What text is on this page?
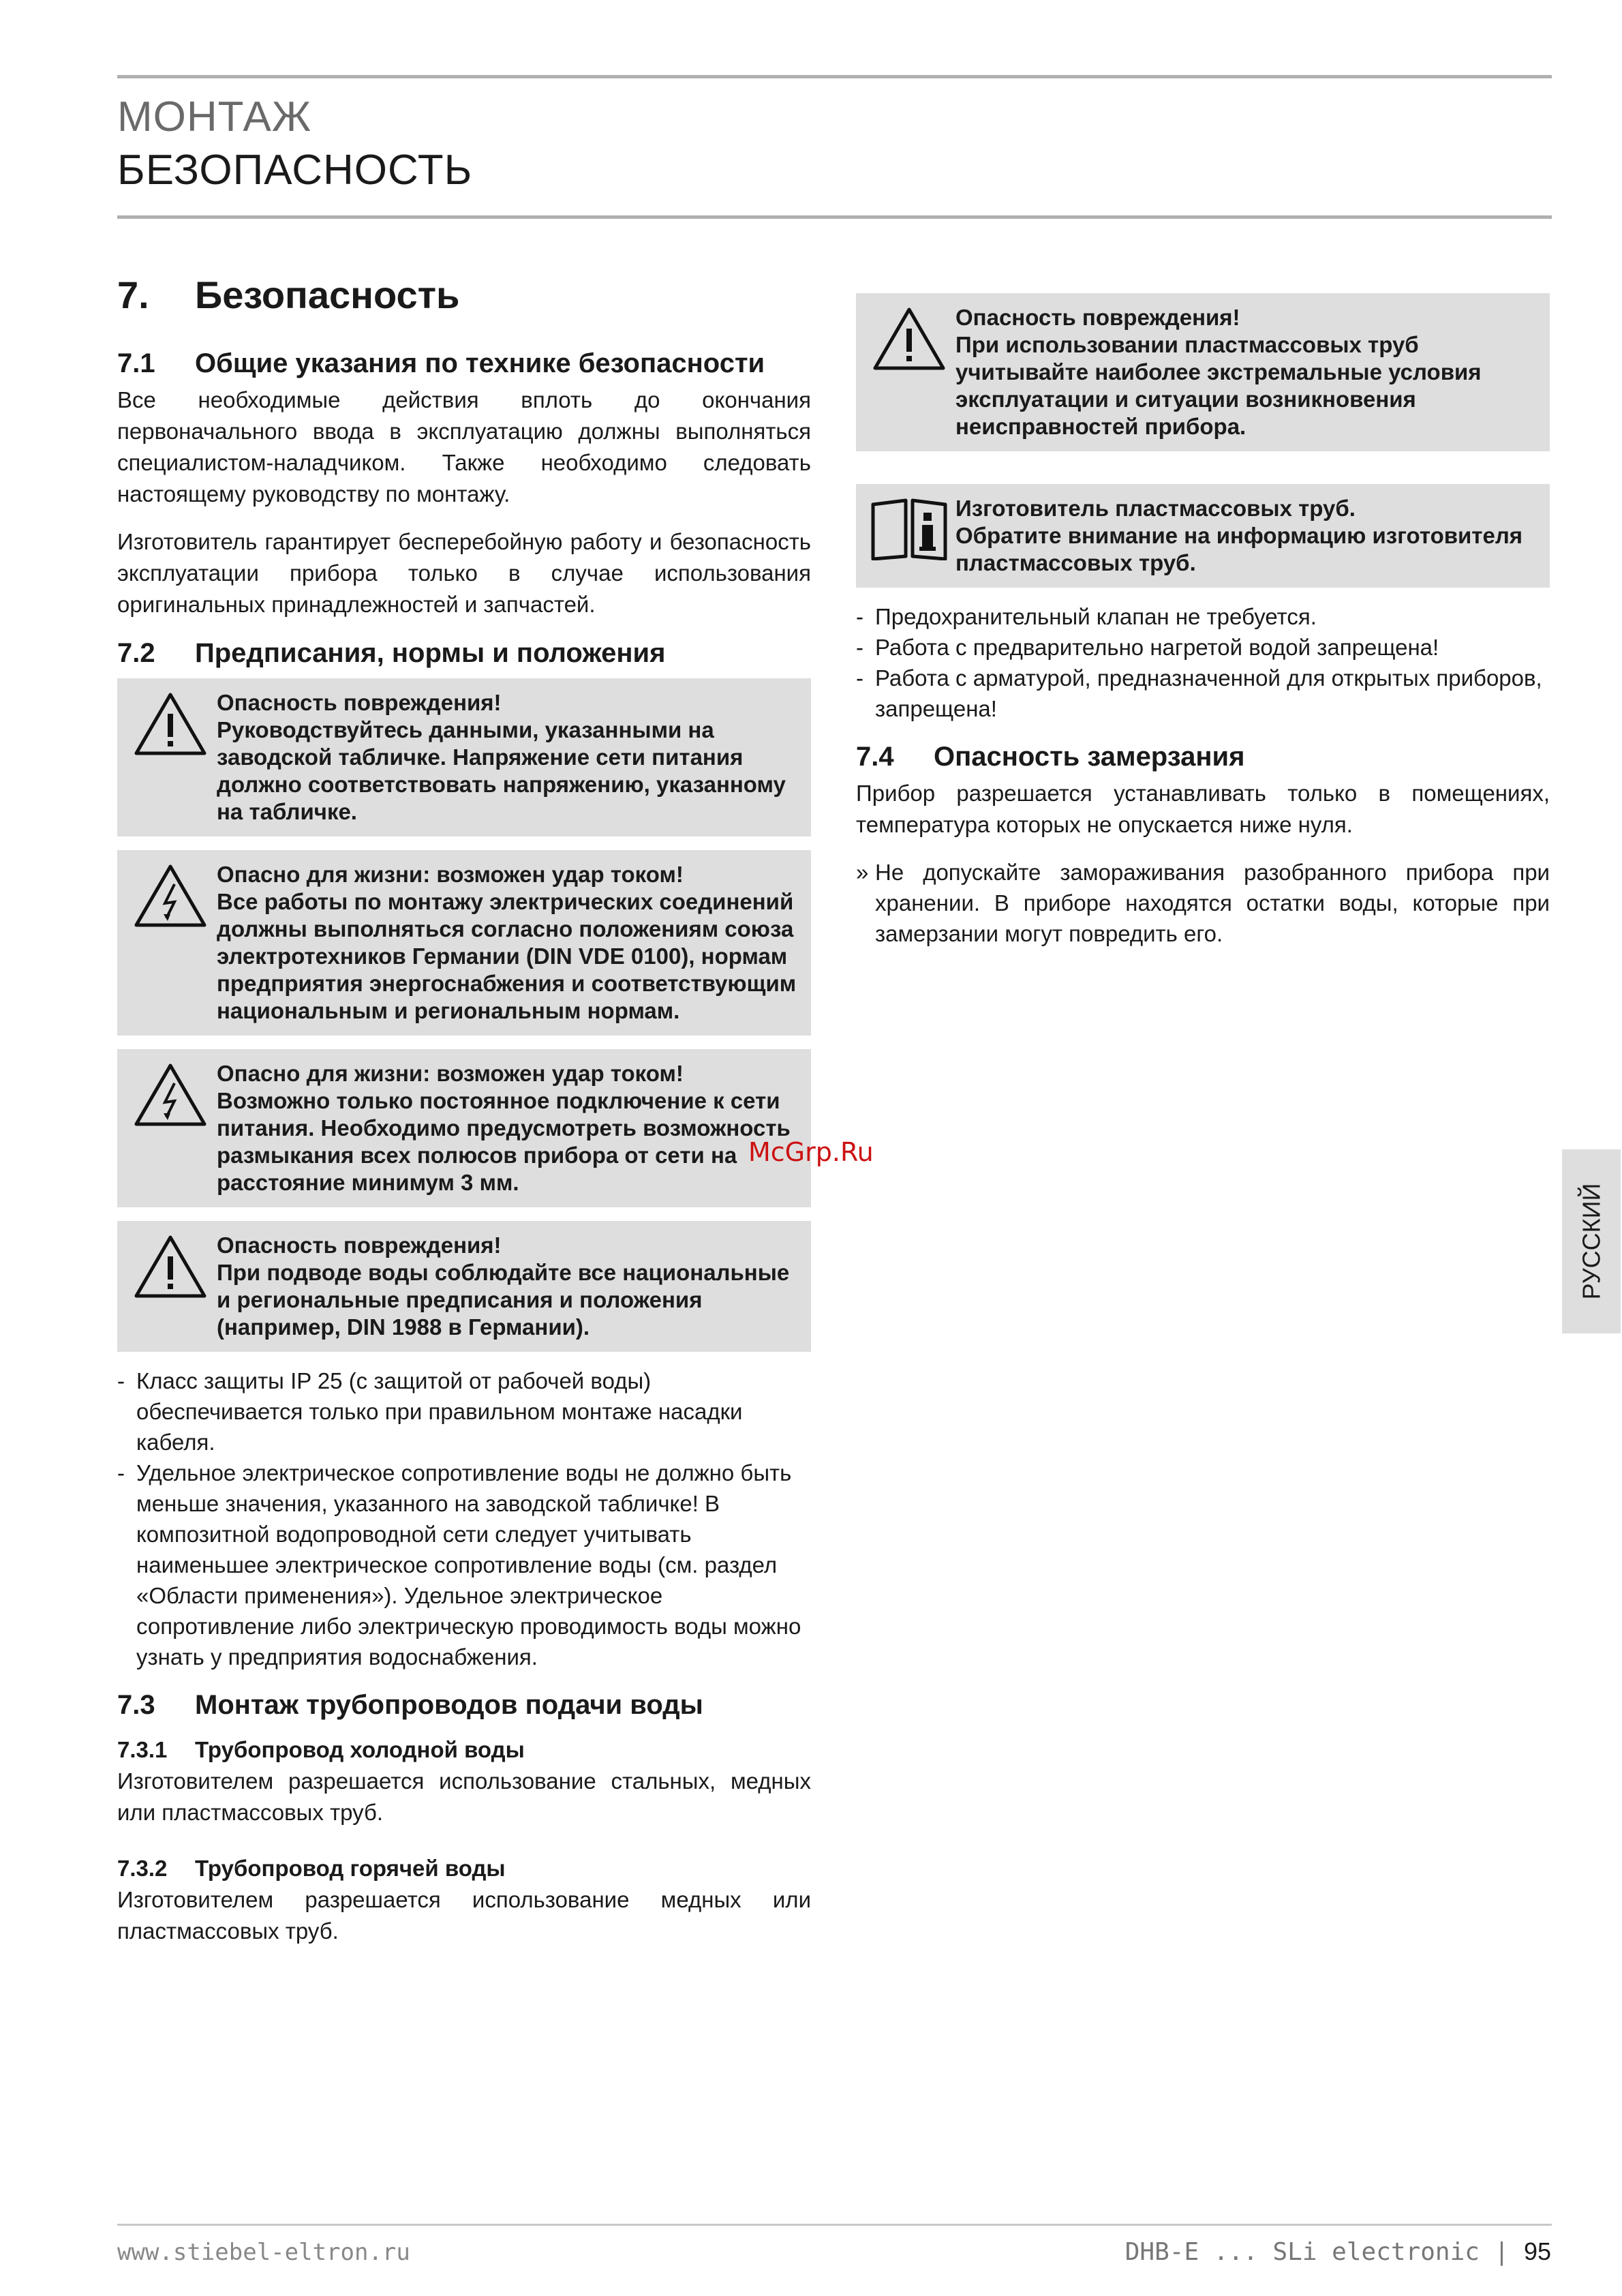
МОНТАЖ
БЕЗОПАСНОСТЬ
7.	Безопасность
7.1	Общие указания по технике безопасности

Все необходимые действия вплоть до окончания первоначального ввода в эксплуатацию должны выполняться специалистом-наладчиком. Также необходимо следовать настоящему руководству по монтажу.

Изготовитель гарантирует бесперебойную работу и безопасность эксплуатации прибора только в случае использования оригинальных принадлежностей и запчастей.

7.2	Предписания, нормы и положения
Опасность повреждения!
Руководствуйтесь данными, указанными на заводской табличке. Напряжение сети питания должно соответствовать напряжению, указанному на табличке.
Опасно для жизни: возможен удар током!
Все работы по монтажу электрических соединений должны выполняться согласно положениям союза электротехников Германии (DIN VDE 0100), нормам предприятия энергоснабжения и соответствующим национальным и региональным нормам.
Опасно для жизни: возможен удар током!
Возможно только постоянное подключение к сети питания. Необходимо предусмотреть возможность размыкания всех полюсов прибора от сети на расстояние минимум 3 мм.
Опасность повреждения!
При подводе воды соблюдайте все национальные и региональные предписания и положения (например, DIN 1988 в Германии).
- Класс защиты IP 25 (с защитой от рабочей воды) обеспечивается только при правильном монтаже насадки кабеля.
- Удельное электрическое сопротивление воды не должно быть меньше значения, указанного на заводской табличке! В композитной водопроводной сети следует учитывать наименьшее электрическое сопротивление воды (см. раздел «Области применения»). Удельное электрическое сопротивление либо электрическую проводимость воды можно узнать у предприятия водоснабжения.
7.3	Монтаж трубопроводов подачи воды
7.3.1	Трубопровод холодной воды

Изготовителем разрешается использование стальных, медных или пластмассовых труб.

7.3.2	Трубопровод горячей воды

Изготовителем разрешается использование медных или пластмассовых труб.

Опасность повреждения!
При использовании пластмассовых труб учитывайте наиболее экстремальные условия эксплуатации и ситуации возникновения неисправностей прибора.
Изготовитель пластмассовых труб.
Обратите внимание на информацию изготовителя пластмассовых труб.
- Предохранительный клапан не требуется.
- Работа с предварительно нагретой водой запрещена!
- Работа с арматурой, предназначенной для открытых приборов, запрещена!
7.4	Опасность замерзания

Прибор разрешается устанавливать только в помещениях, температура которых не опускается ниже нуля.

» Не допускайте замораживания разобранного прибора при хранении. В приборе находятся остатки воды, которые при замерзании могут повредить его.
McGrp.Ru
РУССКИЙ
www.stiebel-eltron.ru	DHB-E ... SLi electronic | 95
